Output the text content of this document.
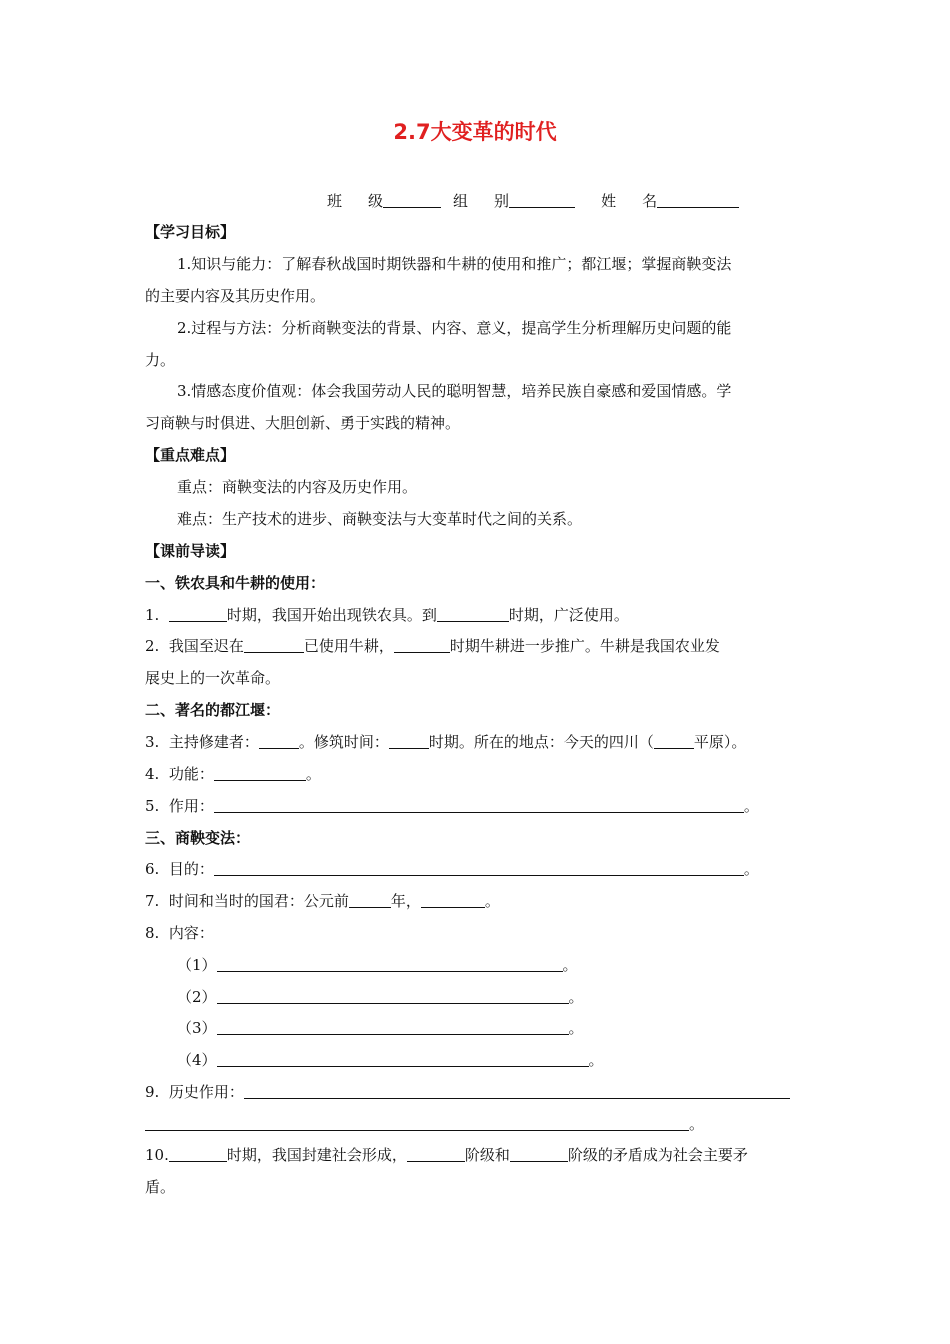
2.7大变革的时代
班 级	组 别	姓 名
【学习目标】
1.知识与能力：了解春秋战国时期铁器和牛耕的使用和推广；都江堰；掌握商鞅变法
的主要内容及其历史作用。
2.过程与方法：分析商鞅变法的背景、内容、意义，提高学生分析理解历史问题的能
力。
3.情感态度价值观：体会我国劳动人民的聪明智慧，培养民族自豪感和爱国情感。学
习商鞅与时俱进、大胆创新、勇于实践的精神。
【重点难点】
重点：商鞅变法的内容及历史作用。
难点：生产技术的进步、商鞅变法与大变革时代之间的关系。
【课前导读】
一、铁农具和牛耕的使用：
1.	时期，我国开始出现铁农具。到	时期，广泛使用。
2. 我国至迟在	已使用牛耕，	时期牛耕进一步推广。牛耕是我国农业发
展史上的一次革命。
二、著名的都江堰：
3. 主持修建者：	。修筑时间：	时期。所在的地点：今天的四川（	平原）。
4. 功能：	。
5. 作用：	。
三、商鞅变法：
6. 目的：	。
7. 时间和当时的国君：公元前	年，	。
8. 内容：
（1）	。
（2）	。
（3）	。
（4）	。
9. 历史作用：
。
10.	时期，我国封建社会形成，	阶级和	阶级的矛盾成为社会主要矛
盾。
